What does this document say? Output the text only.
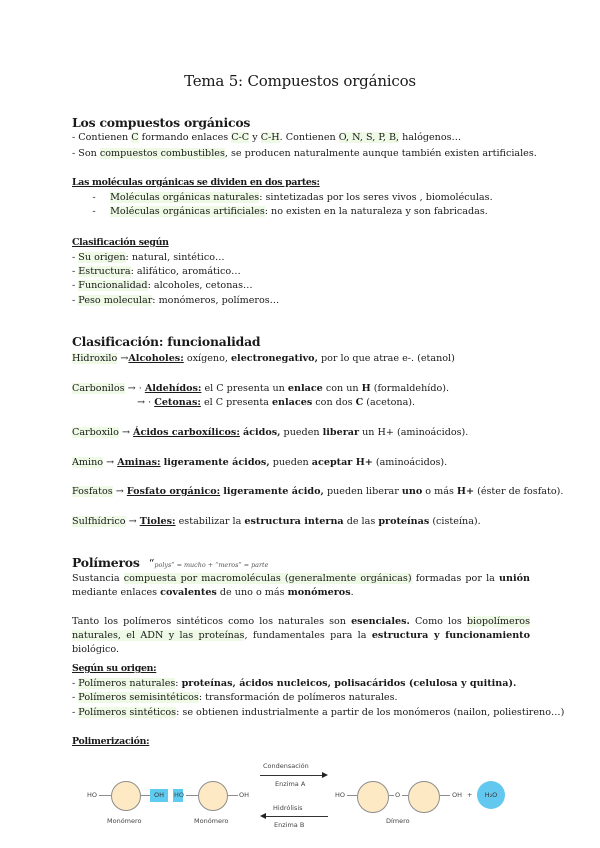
Tema 5: Compuestos orgánicos
Los compuestos orgánicos
- Contienen C formando enlaces C-C y C-H. Contienen O, N, S, P, B, halógenos…
- Son compuestos combustibles, se producen naturalmente aunque también existen artificiales.
Las moléculas orgánicas se dividen en dos partes:
- Moléculas orgánicas naturales: sintetizadas por los seres vivos , biomoléculas.
- Moléculas orgánicas artificiales: no existen en la naturaleza y son fabricadas.
Clasificación según
- Su origen: natural, sintético…
- Estructura: alifático, aromático…
- Funcionalidad: alcoholes, cetonas…
- Peso molecular: monómeros, polímeros…
Clasificación: funcionalidad
Hidroxilo →Alcoholes: oxígeno, electronegativo, por lo que atrae e-. (etanol)
Carbonilos → · Aldehídos: el C presenta un enlace con un H (formaldehído).
→ · Cetonas: el C presenta enlaces con dos C (acetona).
Carboxilo → Ácidos carboxílicos: ácidos, pueden liberar un H+ (aminoácidos).
Amino → Aminas: ligeramente ácidos, pueden aceptar H+ (aminoácidos).
Fosfatos → Fosfato orgánico: ligeramente ácido, pueden liberar uno o más H+ (éster de fosfato).
Sulfhídrico → Tioles: estabilizar la estructura interna de las proteínas (cisteína).
Polímeros “polys” = mucho + “meros” = parte
Sustancia compuesta por macromoléculas (generalmente orgánicas) formadas por la unión mediante enlaces covalentes de uno o más monómeros.
Tanto los polímeros sintéticos como los naturales son esenciales. Como los biopolímeros naturales, el ADN y las proteínas, fundamentales para la estructura y funcionamiento biológico.
Según su origen:
- Polímeros naturales: proteínas, ácidos nucleicos, polisacáridos (celulosa y quitina).
- Polímeros semisintéticos: transformación de polímeros naturales.
- Polímeros sintéticos: se obtienen industrialmente a partir de los monómeros (nailon, poliestireno…)
Polimerización:
HO	OH
Monómero
HO	OH
Monómero
Condensación
Enzima A
Hidrólisis
Enzima B
HO	O	OH +	H₂O
Dímero
